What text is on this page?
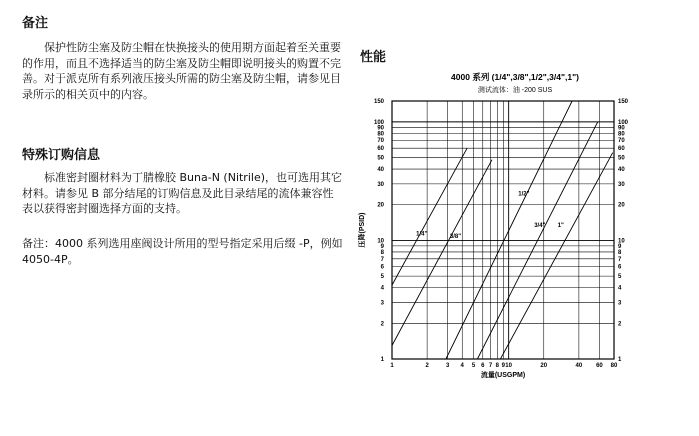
备注

保护性防尘塞及防尘帽在快换接头的使用期方面起着至关重要的作用，而且不选择适当的防尘塞及防尘帽即说明接头的购置不完善。对于派克所有系列液压接头所需的防尘塞及防尘帽，请参见目录所示的相关页中的内容。

特殊订购信息

标准密封圈材料为丁腈橡胶 Buna-N (Nitrile)，也可选用其它材料。请参见 B 部分结尾的订购信息及此目录结尾的流体兼容性表以获得密封圈选择方面的支持。

备注：4000 系列选用座阀设计所用的型号指定采用后缀 -P，例如 4050-4P。

性能
4000 系列 (1/4",3/8",1/2",3/4",1")
测试流体：油 -200 SUS
1/4"	3/8"
1/2"
3/4" 1"
1	2	3 4 5 6 7 8 9 10	20	40 60 80
1
2
3
4
5
6
7
8
9
10
20
30
40
50
60
70
80
90
100
150
1
2
3
4
5
6
7
8
9
10
20
30
40
50
60
70
80
90
100
150
流量(USGPM)
压降(PSID)
